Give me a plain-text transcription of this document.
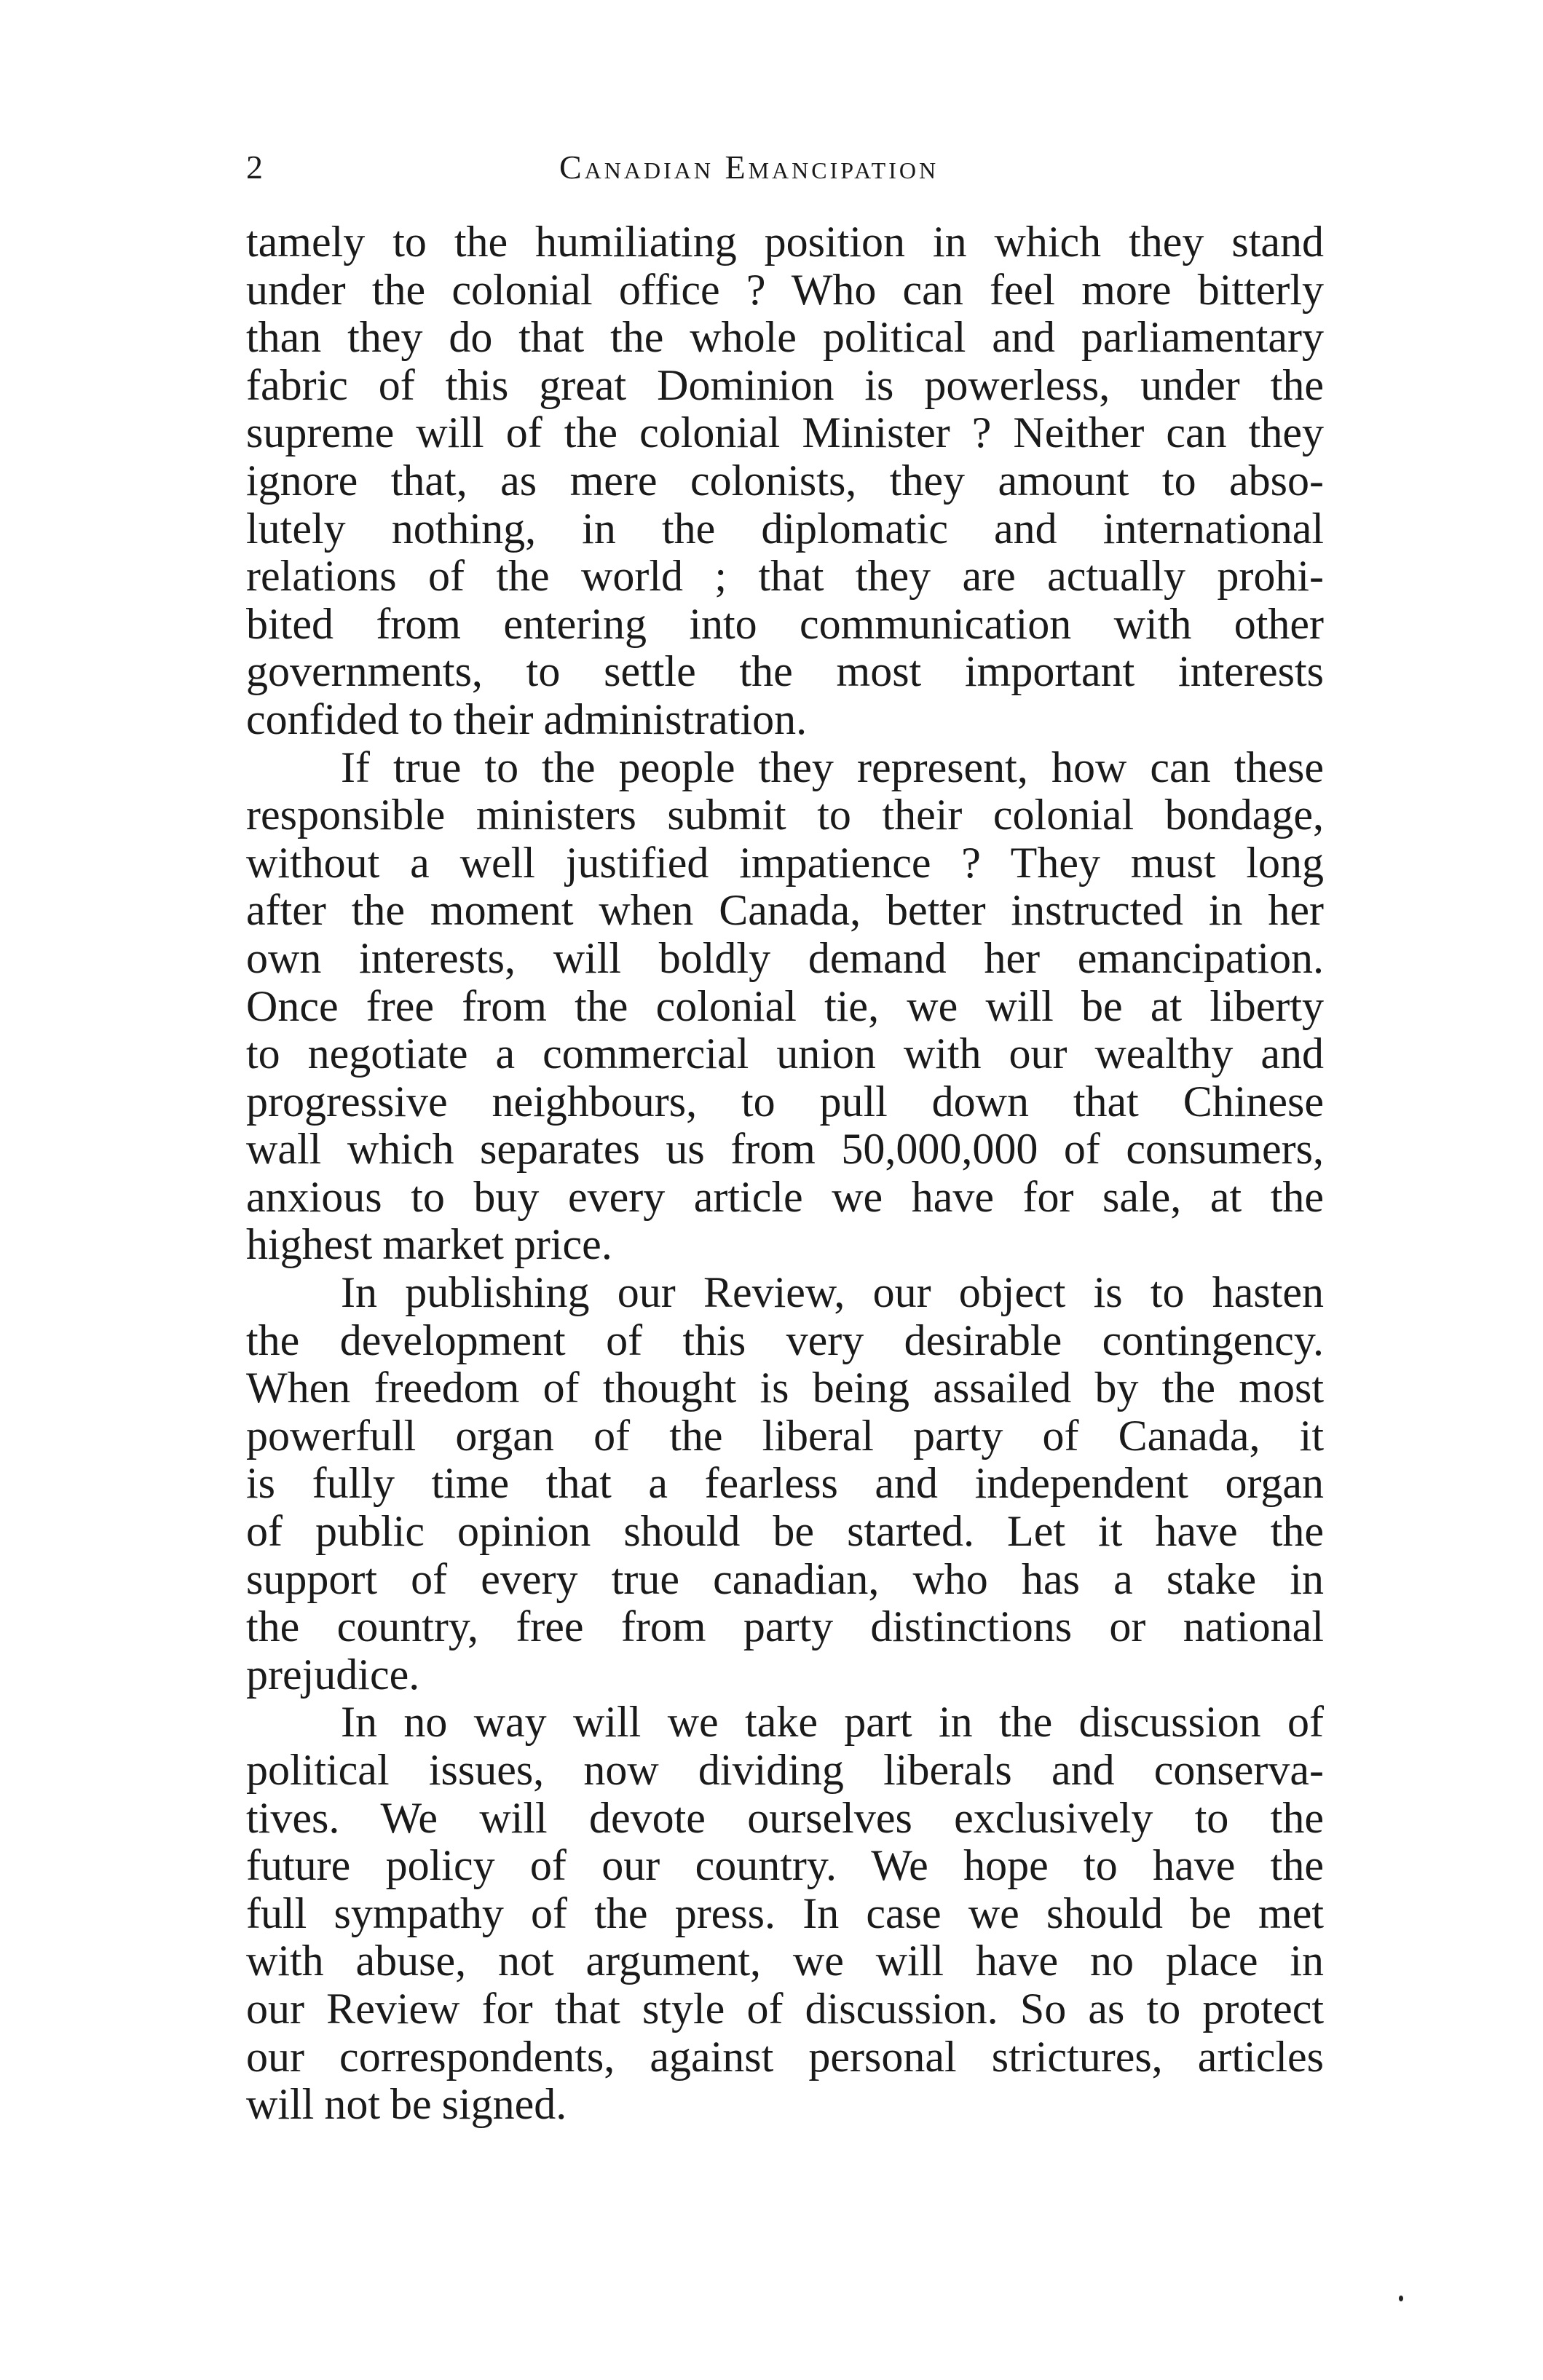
2	Canadian Emancipation
tamely to the humiliating position in which they stand
under the colonial office ? Who can feel more bitterly
than they do that the whole political and parliamentary
fabric of this great Dominion is powerless, under the
supreme will of the colonial Minister ? Neither can they
ignore that, as mere colonists, they amount to abso-
lutely nothing, in the diplomatic and international
relations of the world ; that they are actually prohi-
bited from entering into communication with other
governments, to settle the most important interests
confided to their administration.
If true to the people they represent, how can these
responsible ministers submit to their colonial bondage,
without a well justified impatience ? They must long
after the moment when Canada, better instructed in her
own interests, will boldly demand her emancipation.
Once free from the colonial tie, we will be at liberty
to negotiate a commercial union with our wealthy and
progressive neighbours, to pull down that Chinese
wall which separates us from 50,000,000 of consumers,
anxious to buy every article we have for sale, at the
highest market price.
In publishing our Review, our object is to hasten
the development of this very desirable contingency.
When freedom of thought is being assailed by the most
powerfull organ of the liberal party of Canada, it
is fully time that a fearless and independent organ
of public opinion should be started. Let it have the
support of every true canadian, who has a stake in
the country, free from party distinctions or national
prejudice.
In no way will we take part in the discussion of
political issues, now dividing liberals and conserva-
tives. We will devote ourselves exclusively to the
future policy of our country. We hope to have the
full sympathy of the press. In case we should be met
with abuse, not argument, we will have no place in
our Review for that style of discussion. So as to protect
our correspondents, against personal strictures, articles
will not be signed.
